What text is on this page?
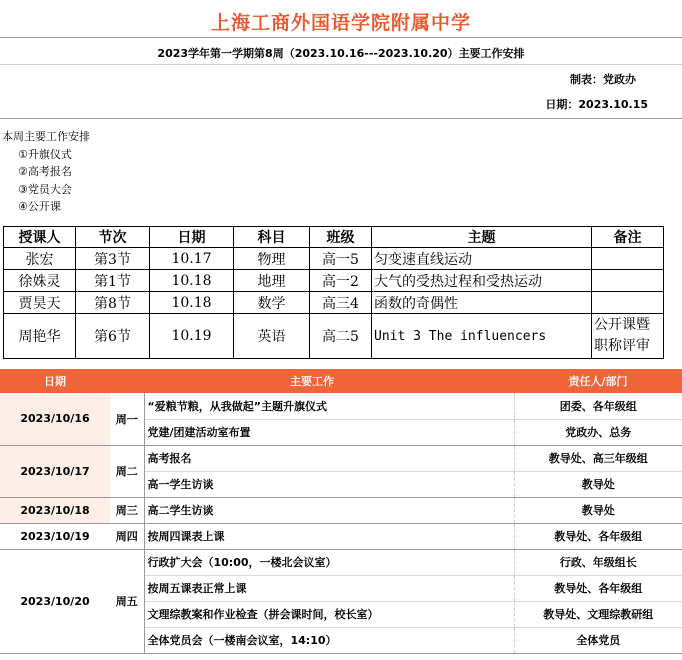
上海工商外国语学院附属中学
2023学年第一学期第8周（2023.10.16---2023.10.20）主要工作安排
制表：党政办
日期：2023.10.15
本周主要工作安排
①升旗仪式
②高考报名
③党员大会
④公开课
授课人	节次	日期	科目	班级	主题	备注
张宏	第3节	10.17	物理	高一5	匀变速直线运动	
徐姝灵	第1节	10.18	地理	高一2	大气的受热过程和受热运动	
贾昊天	第8节	10.18	数学	高三4	函数的奇偶性	
周艳华	第6节	10.19	英语	高二5	Unit 3 The influencers	公开课暨职称评审
日期	主要工作		责任人/部门
2023/10/16	周一	“爱粮节粮，从我做起”主题升旗仪式	团委、各年级组
		党建/团建活动室布置	党政办、总务
2023/10/17	周二	高考报名	教导处、高三年级组
		高一学生访谈	教导处
2023/10/18	周三	高二学生访谈	教导处
2023/10/19	周四	按周四课表上课	教导处、各年级组
2023/10/20	周五	行政扩大会（10:00，一楼北会议室）	行政、年级组长
		按周五课表正常上课	教导处、各年级组
		文理综教案和作业检查（拼会课时间，校长室）	教导处、文理综教研组
		全体党员会（一楼南会议室，14:10）	全体党员
